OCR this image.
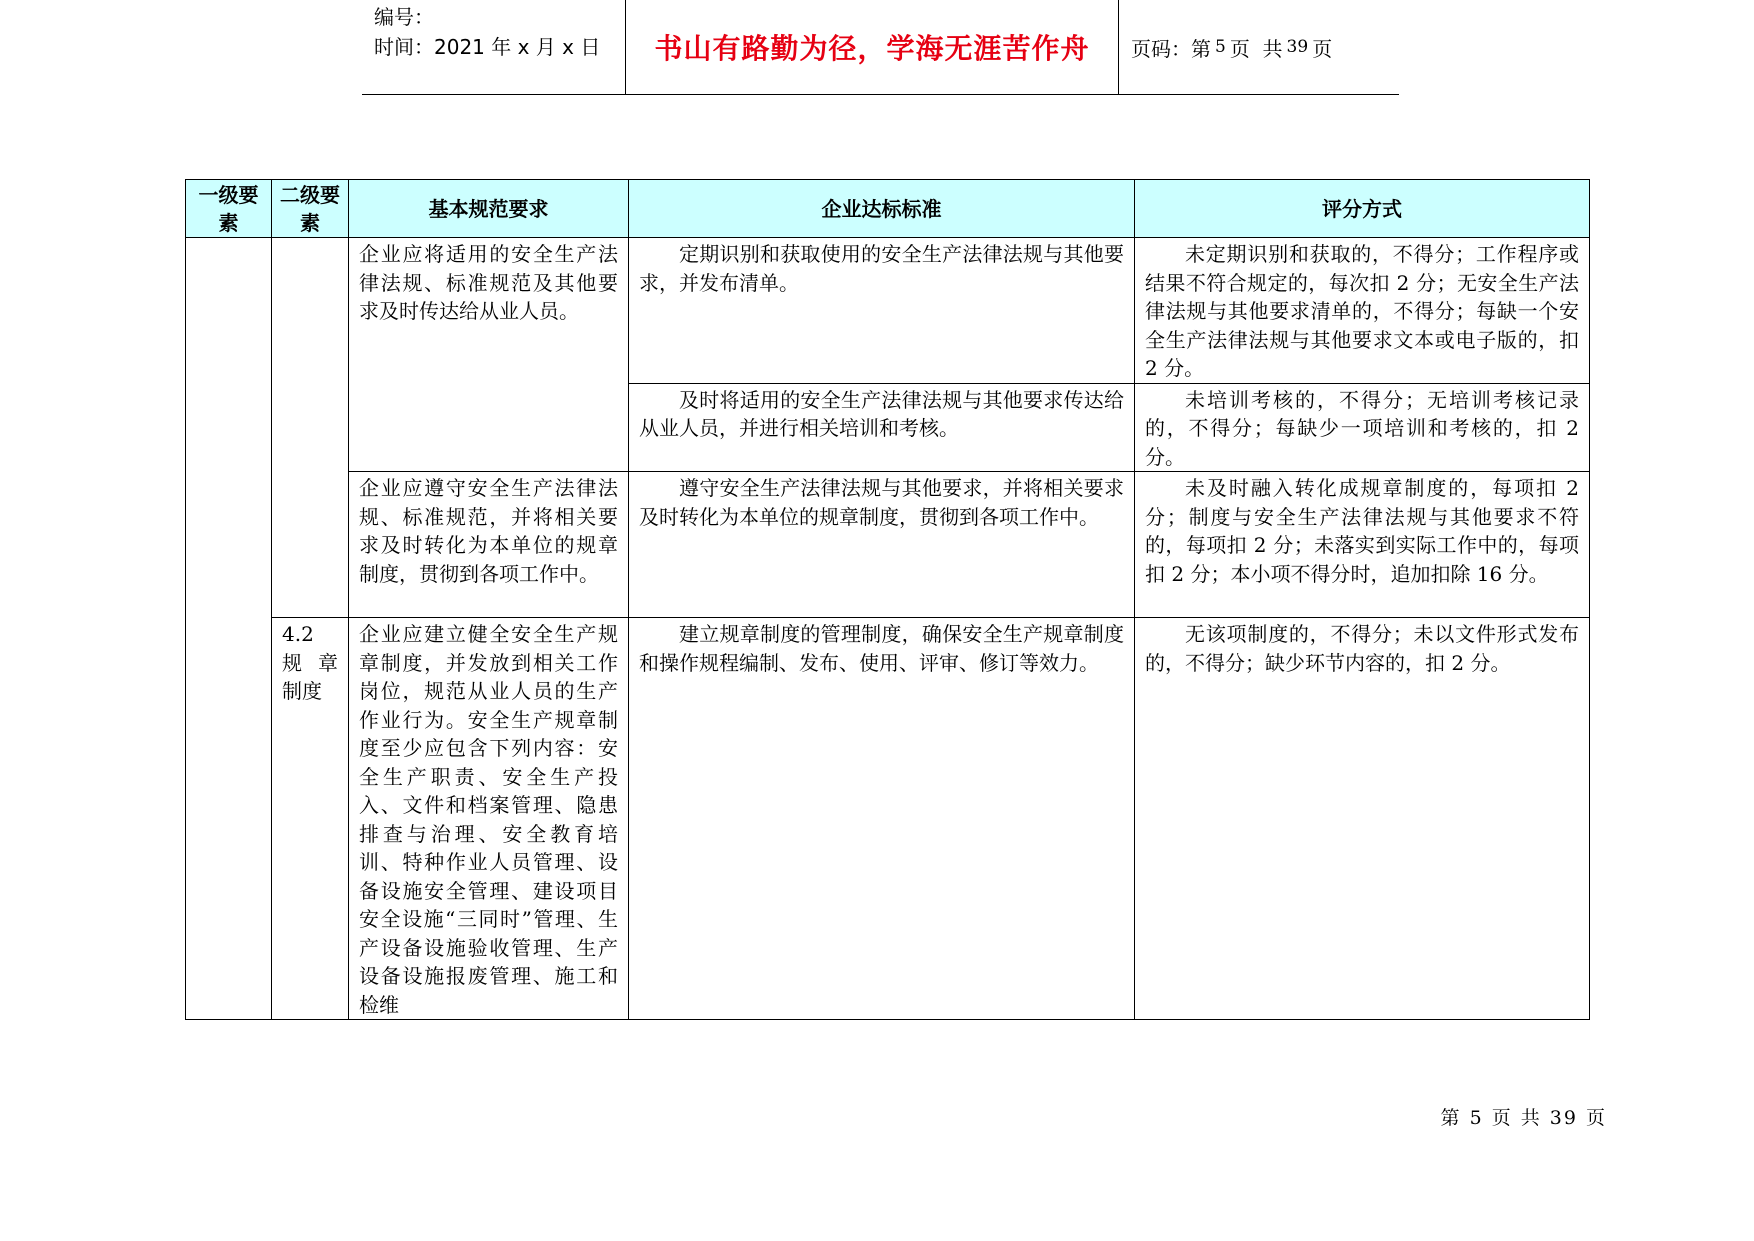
编号：
时间：2021 年 x 月 x 日	书山有路勤为径，学海无涯苦作舟	页码：第 5 页  共 39 页
一级要素	二级要素	基本规范要求	企业达标标准	评分方式
		企业应将适用的安全生产法律法规、标准规范及其他要求及时传达给从业人员。	定期识别和获取使用的安全生产法律法规与其他要求，并发布清单。	未定期识别和获取的，不得分；工作程序或结果不符合规定的，每次扣 2 分；无安全生产法律法规与其他要求清单的，不得分；每缺一个安全生产法律法规与其他要求文本或电子版的，扣 2 分。
			及时将适用的安全生产法律法规与其他要求传达给从业人员，并进行相关培训和考核。	未培训考核的，不得分；无培训考核记录的，不得分；每缺少一项培训和考核的，扣 2 分。
		企业应遵守安全生产法律法规、标准规范，并将相关要求及时转化为本单位的规章制度，贯彻到各项工作中。	遵守安全生产法律法规与其他要求，并将相关要求及时转化为本单位的规章制度，贯彻到各项工作中。	未及时融入转化成规章制度的，每项扣 2 分；制度与安全生产法律法规与其他要求不符的，每项扣 2 分；未落实到实际工作中的，每项扣 2 分；本小项不得分时，追加扣除 16 分。
	4.2 规章制度	企业应建立健全安全生产规章制度，并发放到相关工作岗位，规范从业人员的生产作业行为。安全生产规章制度至少应包含下列内容：安全生产职责、安全生产投入、文件和档案管理、隐患排查与治理、安全教育培训、特种作业人员管理、设备设施安全管理、建设项目安全设施“三同时”管理、生产设备设施验收管理、生产设备设施报废管理、施工和检维	建立规章制度的管理制度，确保安全生产规章制度和操作规程编制、发布、使用、评审、修订等效力。	无该项制度的，不得分；未以文件形式发布的，不得分；缺少环节内容的，扣 2 分。
第 5 页 共 39 页
